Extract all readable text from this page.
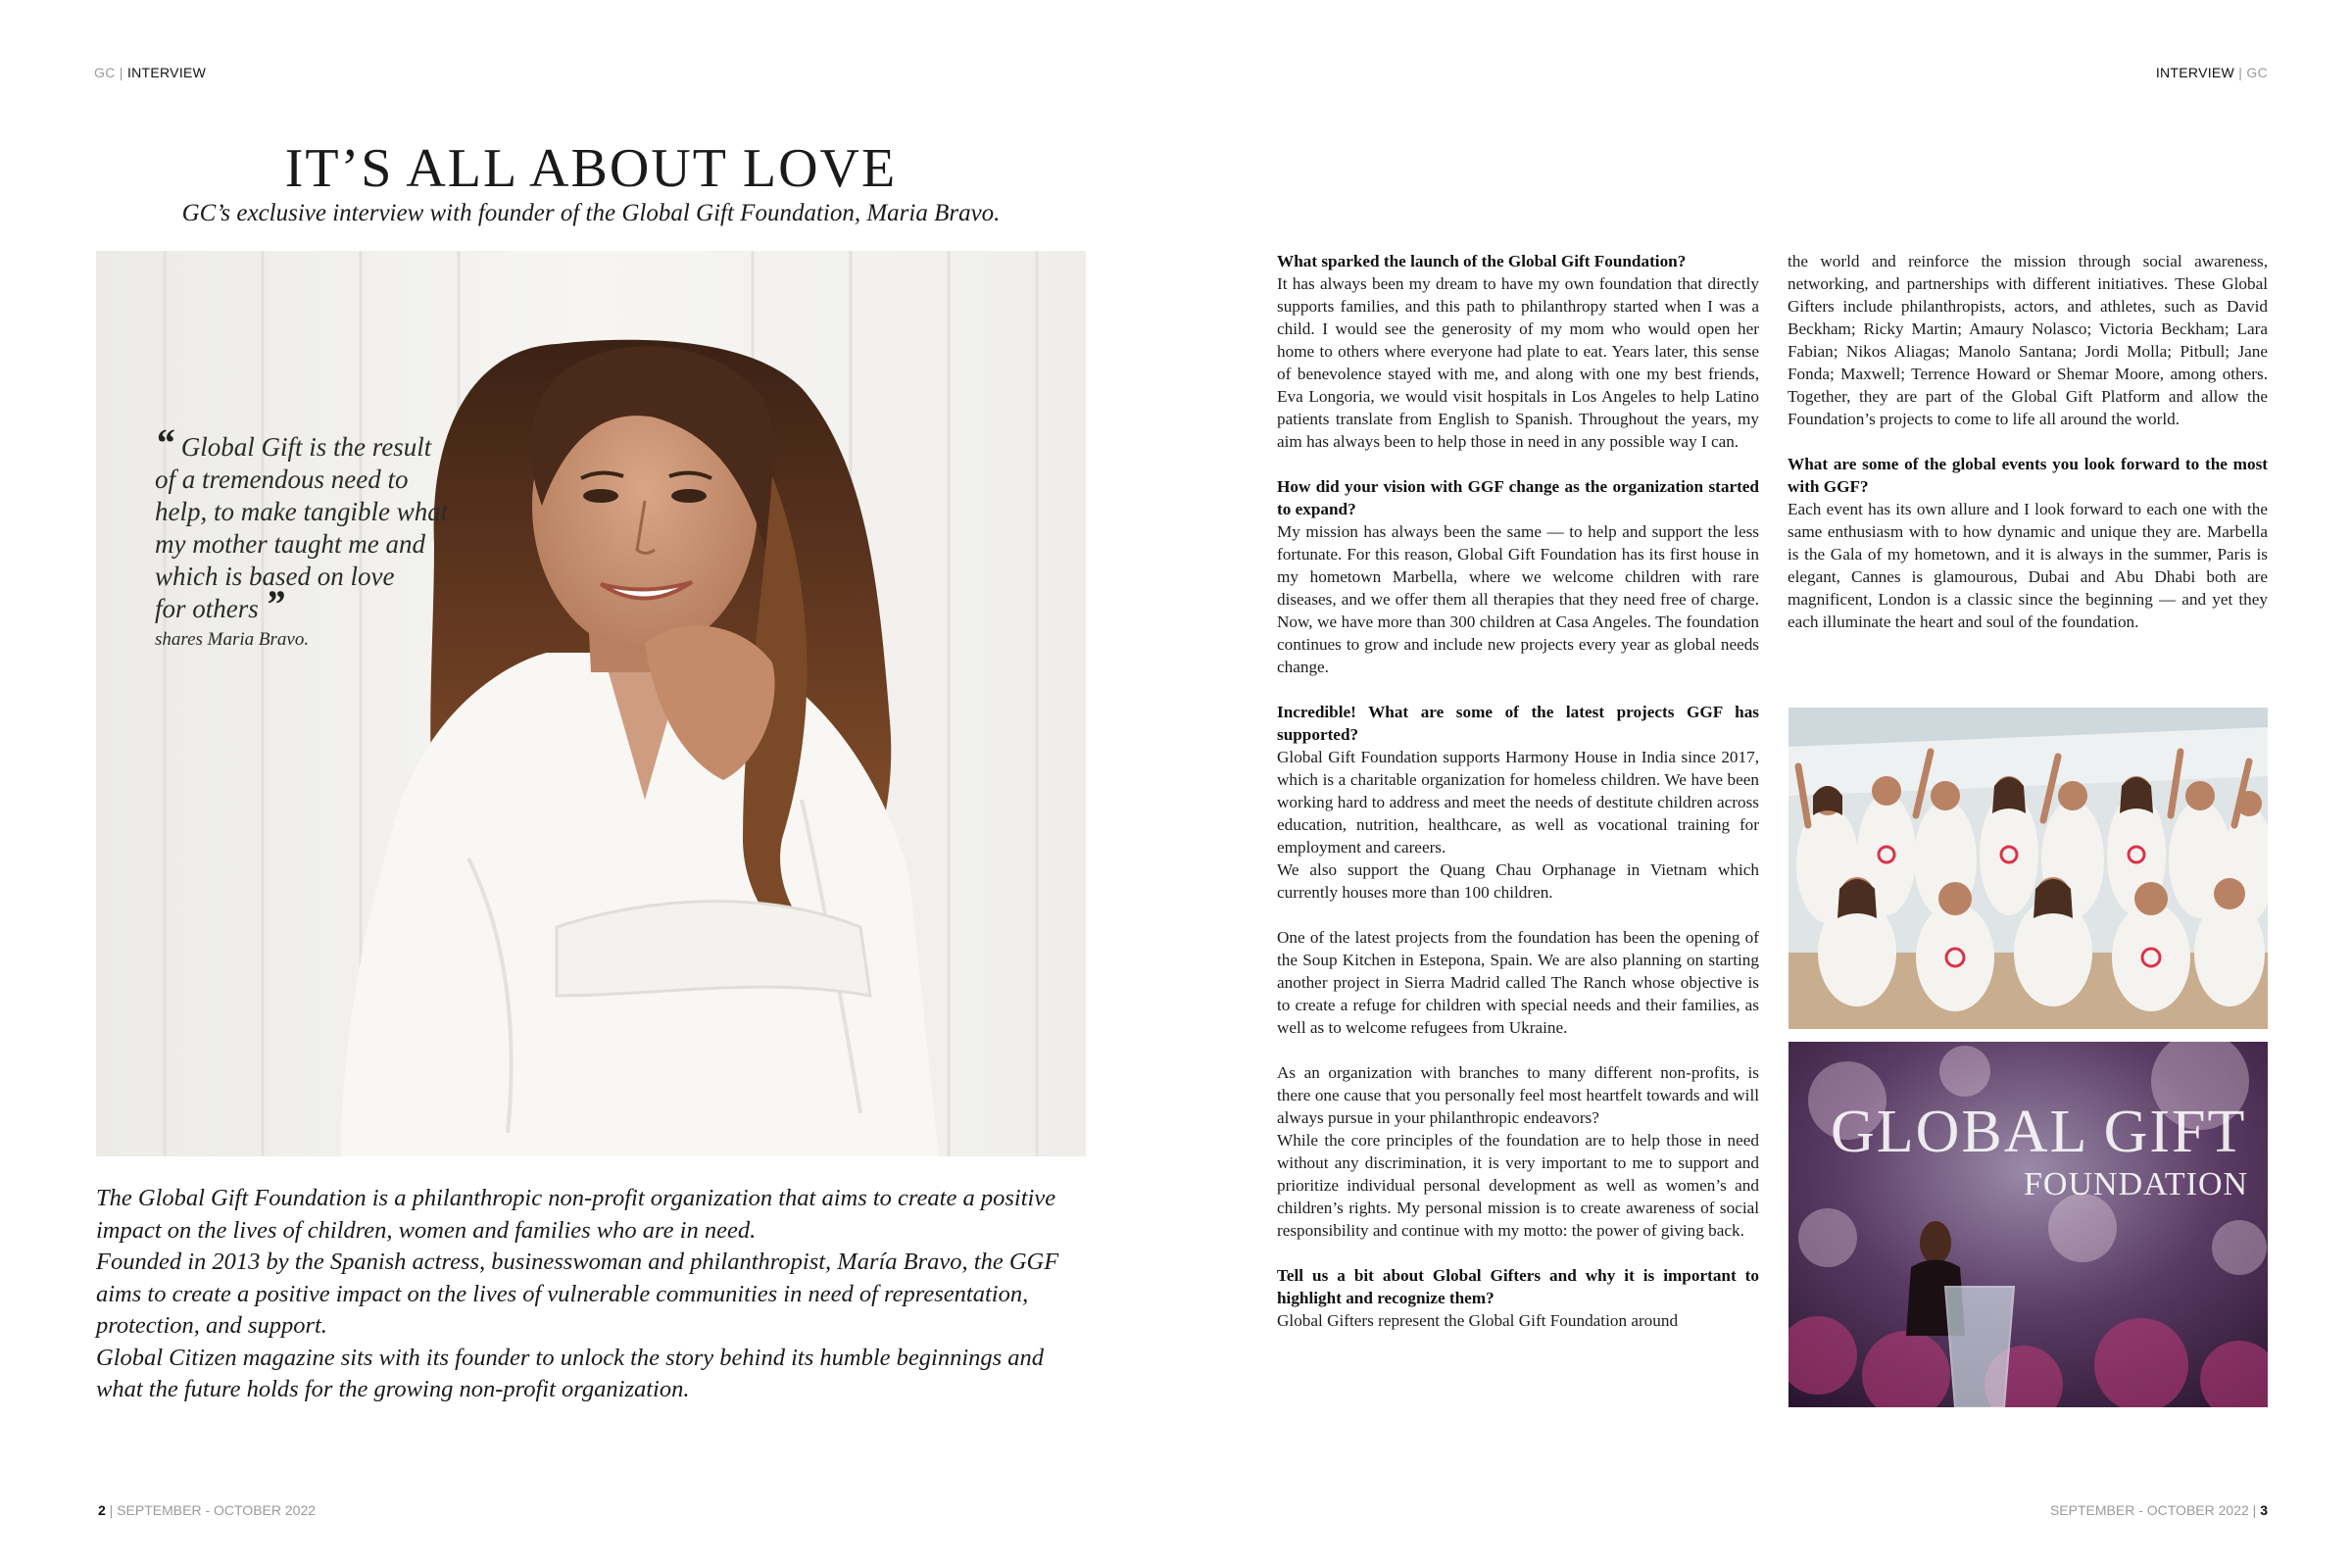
GC | INTERVIEW	INTERVIEW | GC
IT’S ALL ABOUT LOVE
GC’s exclusive interview with founder of the Global Gift Foundation, Maria Bravo.
“ Global Gift is the result
of a tremendous need to
help, to make tangible what
my mother taught me and
which is based on love
for others ”
shares Maria Bravo.

The Global Gift Foundation is a philanthropic non-profit organization that aims to create a positive impact on the lives of children, women and families who are in need.

Founded in 2013 by the Spanish actress, businesswoman and philanthropist, María Bravo, the GGF aims to create a positive impact on the lives of vulnerable communities in need of representation, protection, and support.

Global Citizen magazine sits with its founder to unlock the story behind its humble beginnings and what the future holds for the growing non-profit organization.

What sparked the launch of the Global Gift Foundation?

It has always been my dream to have my own foundation that directly supports families, and this path to philanthropy started when I was a child. I would see the generosity of my mom who would open her home to others where everyone had plate to eat. Years later, this sense of benevolence stayed with me, and along with one my best friends, Eva Longoria, we would visit hospitals in Los Angeles to help Latino patients translate from English to Spanish. Throughout the years, my aim has always been to help those in need in any possible way I can.

How did your vision with GGF change as the organization started to expand?

My mission has always been the same — to help and support the less fortunate. For this reason, Global Gift Foundation has its first house in my hometown Marbella, where we welcome children with rare diseases, and we offer them all therapies that they need free of charge. Now, we have more than 300 children at Casa Angeles. The foundation continues to grow and include new projects every year as global needs change.

Incredible! What are some of the latest projects GGF has supported?

Global Gift Foundation supports Harmony House in India since 2017, which is a charitable organization for homeless children. We have been working hard to address and meet the needs of destitute children across education, nutrition, healthcare, as well as vocational training for employment and careers.

We also support the Quang Chau Orphanage in Vietnam which currently houses more than 100 children.

One of the latest projects from the foundation has been the opening of the Soup Kitchen in Estepona, Spain. We are also planning on starting another project in Sierra Madrid called The Ranch whose objective is to create a refuge for children with special needs and their families, as well as to welcome refugees from Ukraine.

As an organization with branches to many different non-profits, is there one cause that you personally feel most heartfelt towards and will always pursue in your philanthropic endeavors?

While the core principles of the foundation are to help those in need without any discrimination, it is very important to me to support and prioritize individual personal development as well as women’s and children’s rights. My personal mission is to create awareness of social responsibility and continue with my motto: the power of giving back.

Tell us a bit about Global Gifters and why it is important to highlight and recognize them?

Global Gifters represent the Global Gift Foundation around

the world and reinforce the mission through social awareness, networking, and partnerships with different initiatives. These Global Gifters include philanthropists, actors, and athletes, such as David Beckham; Ricky Martin; Amaury Nolasco; Victoria Beckham; Lara Fabian; Nikos Aliagas; Manolo Santana; Jordi Molla; Pitbull; Jane Fonda; Maxwell; Terrence Howard or Shemar Moore, among others. Together, they are part of the Global Gift Platform and allow the Foundation’s projects to come to life all around the world.

What are some of the global events you look forward to the most with GGF?

Each event has its own allure and I look forward to each one with the same enthusiasm with to how dynamic and unique they are. Marbella is the Gala of my hometown, and it is always in the summer, Paris is elegant, Cannes is glamourous, Dubai and Abu Dhabi both are magnificent, London is a classic since the beginning — and yet they each illuminate the heart and soul of the foundation.

GLOBAL GIFT
FOUNDATION
2 | SEPTEMBER - OCTOBER 2022	SEPTEMBER - OCTOBER 2022 | 3
